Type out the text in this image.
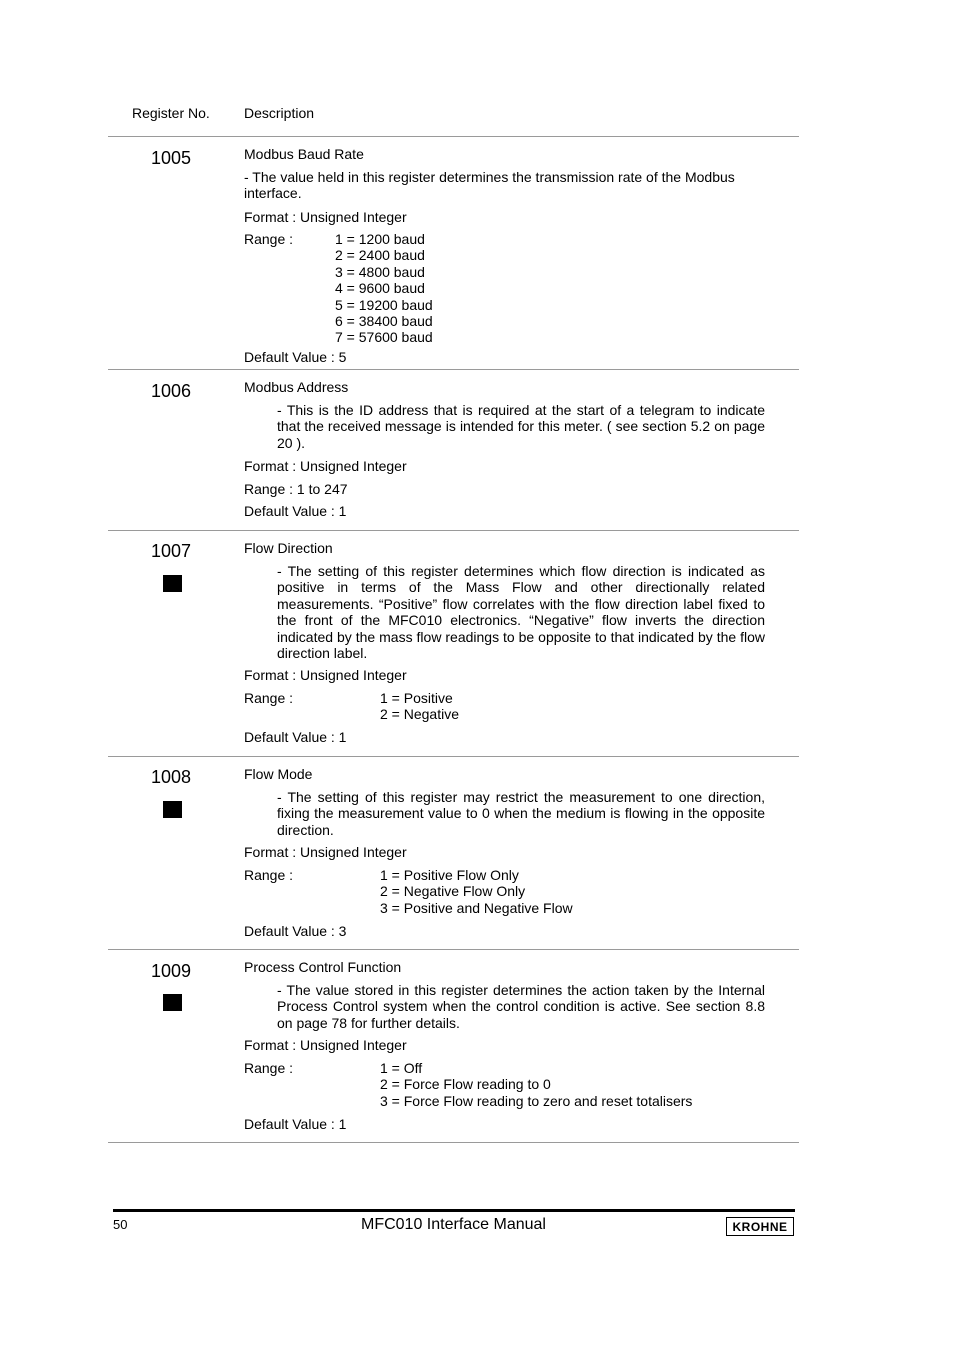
Register No. Description
1005	Modbus Baud Rate
- The value held in this register determines the transmission rate of the Modbus interface.
Format : Unsigned Integer
Range :	1 = 1200 baud
2 = 2400 baud
3 = 4800 baud
4 = 9600 baud
5 = 19200 baud
6 = 38400 baud
7 = 57600 baud
Default Value : 5
1006	Modbus Address
- This is the ID address that is required at the start of a telegram to indicate that the received message is intended for this meter. ( see section 5.2 on page 20 ).
Format : Unsigned Integer
Range : 1 to 247
Default Value : 1
1007	Flow Direction
- The setting of this register determines which flow direction is indicated as positive in terms of the Mass Flow and other directionally related measurements. “Positive” flow correlates with the flow direction label fixed to the front of the MFC010 electronics. “Negative” flow inverts the direction indicated by the mass flow readings to be opposite to that indicated by the flow direction label.
Format : Unsigned Integer
Range :	1 = Positive
2 = Negative
Default Value : 1
1008	Flow Mode
- The setting of this register may restrict the measurement to one direction, fixing the measurement value to 0 when the medium is flowing in the opposite direction.
Format : Unsigned Integer
Range :	1 = Positive Flow Only
2 = Negative Flow Only
3 = Positive and Negative Flow
Default Value : 3
1009	Process Control Function
- The value stored in this register determines the action taken by the Internal Process Control system when the control condition is active. See section 8.8 on page 78 for further details.
Format : Unsigned Integer
Range :	1 = Off
2 = Force Flow reading to 0
3 = Force Flow reading to zero and reset totalisers
Default Value : 1
50	MFC010 Interface Manual	KROHNE
